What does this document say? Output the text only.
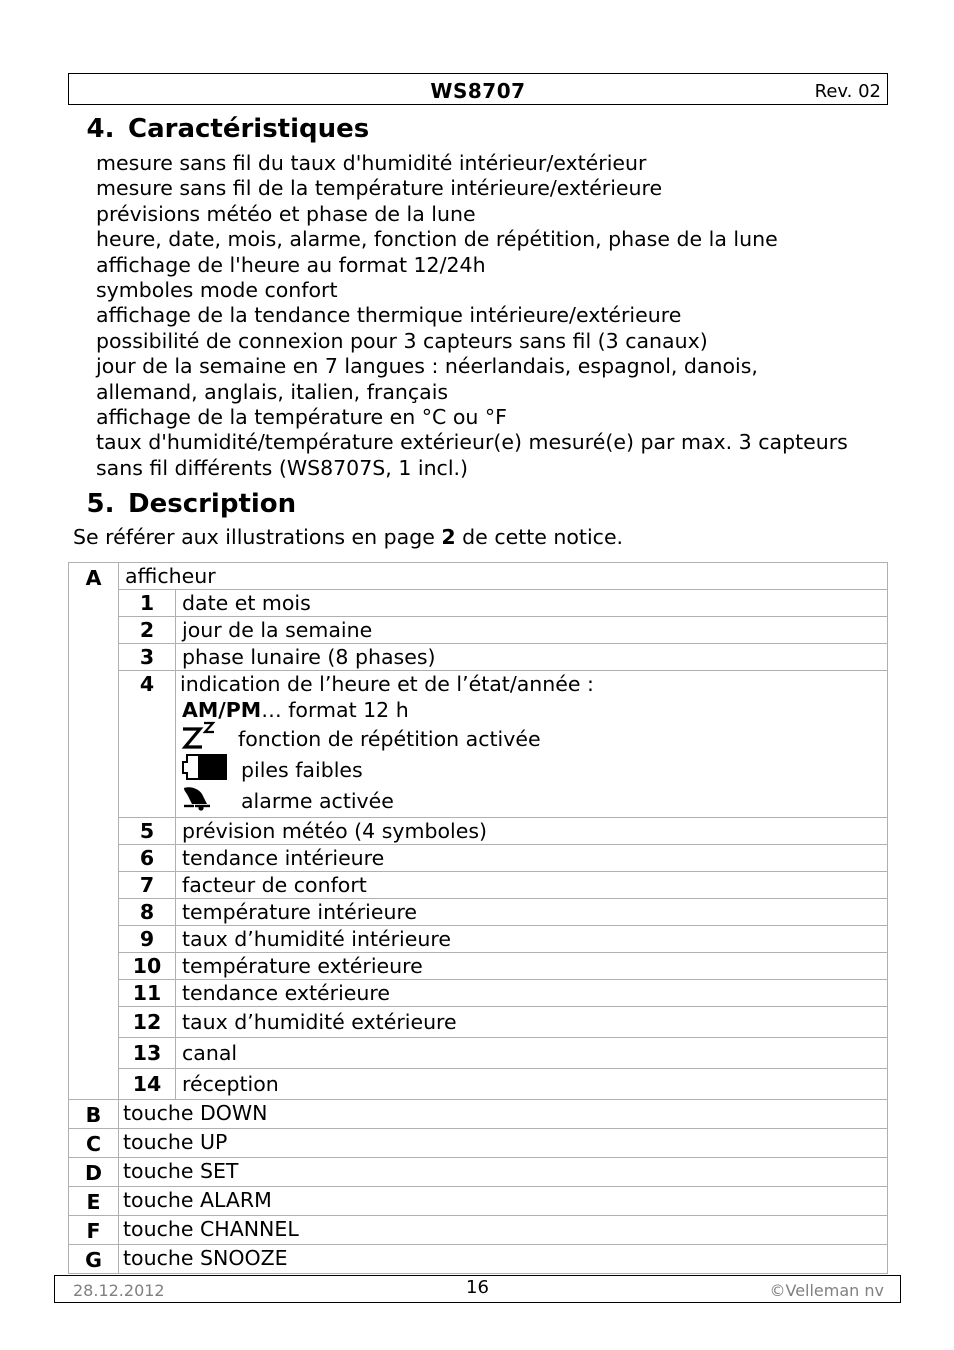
WS8707	Rev. 02
4. Caractéristiques
mesure sans fil du taux d'humidité intérieur/extérieur
mesure sans fil de la température intérieure/extérieure
prévisions météo et phase de la lune
heure, date, mois, alarme, fonction de répétition, phase de la lune
affichage de l'heure au format 12/24h
symboles mode confort
affichage de la tendance thermique intérieure/extérieure
possibilité de connexion pour 3 capteurs sans fil (3 canaux)
jour de la semaine en 7 langues : néerlandais, espagnol, danois,
allemand, anglais, italien, français
affichage de la température en °C ou °F
taux d'humidité/température extérieur(e) mesuré(e) par max. 3 capteurs
sans fil différents (WS8707S, 1 incl.)
5. Description
Se référer aux illustrations en page 2 de cette notice.
A	afficheur	
	1	date et mois
	2	jour de la semaine
	3	phase lunaire (8 phases)
	4	indication de l’heure et de l’état/année :
AM/PM… format 12 h
fonction de répétition activée
piles faibles
alarme activée

	5	prévision météo (4 symboles)
	6	tendance intérieure
	7	facteur de confort
	8	température intérieure
	9	taux d’humidité intérieure
	10	température extérieure
	11	tendance extérieure
	12	taux d’humidité extérieure
	13	canal
	14	réception
B	touche DOWN	
C	touche UP	
D	touche SET	
E	touche ALARM	
F	touche CHANNEL	
G	touche SNOOZE	
28.12.2012	16	©Velleman nv
